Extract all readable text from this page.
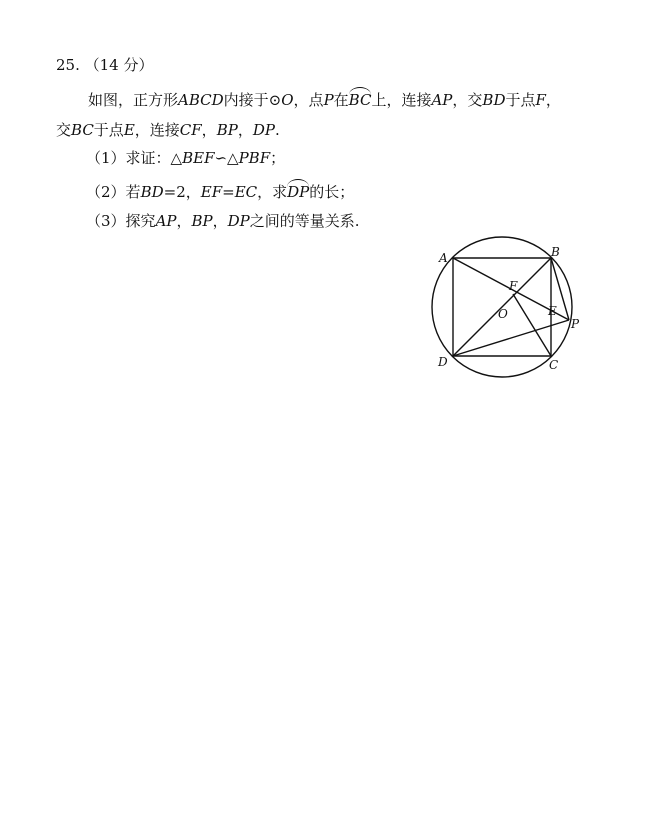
25. （14 分）
如图，正方形ABCD内接于⊙O，点P在BC上，连接AP，交BD于点F，
交BC于点E，连接CF，BP，DP.
（1）求证：△BEF∽△PBF；
（2）若BD=2，EF=EC，求DP的长；
（3）探究AP，BP，DP之间的等量关系.
A	B
C
D
O
F
E
P
